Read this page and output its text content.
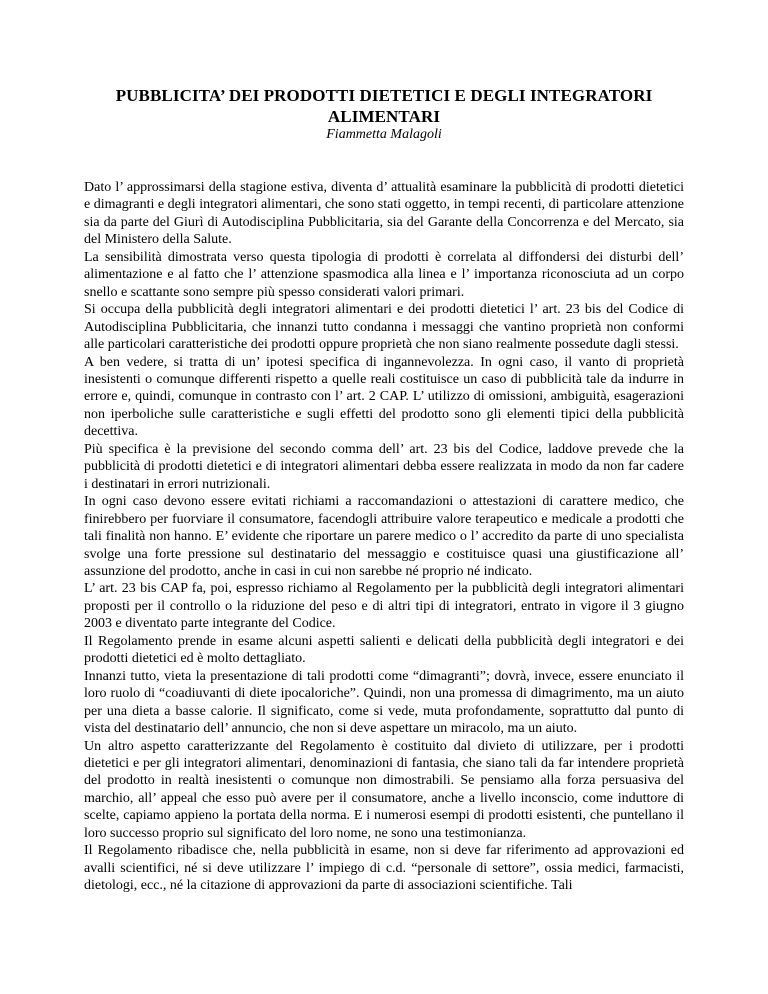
PUBBLICITA’ DEI PRODOTTI DIETETICI E DEGLI INTEGRATORI ALIMENTARI
Fiammetta Malagoli

Dato l’ approssimarsi della stagione estiva, diventa d’ attualità esaminare la pubblicità di prodotti dietetici e dimagranti e degli integratori alimentari, che sono stati oggetto, in tempi recenti, di particolare attenzione sia da parte del Giurì di Autodisciplina Pubblicitaria, sia del Garante della Concorrenza e del Mercato, sia del Ministero della Salute.

La sensibilità dimostrata verso questa tipologia di prodotti è correlata al diffondersi dei disturbi dell’ alimentazione e al fatto che l’ attenzione spasmodica alla linea e l’ importanza riconosciuta ad un corpo snello e scattante sono sempre più spesso considerati valori primari.

Si occupa della pubblicità degli integratori alimentari e dei prodotti dietetici l’ art. 23 bis del Codice di Autodisciplina Pubblicitaria, che innanzi tutto condanna i messaggi che vantino proprietà non conformi alle particolari caratteristiche dei prodotti oppure proprietà che non siano realmente possedute dagli stessi.

A ben vedere, si tratta di un’ ipotesi specifica di ingannevolezza. In ogni caso, il vanto di proprietà inesistenti o comunque differenti rispetto a quelle reali costituisce un caso di pubblicità tale da indurre in errore e, quindi, comunque in contrasto con l’ art. 2 CAP. L’ utilizzo di omissioni, ambiguità, esagerazioni non iperboliche sulle caratteristiche e sugli effetti del prodotto sono gli elementi tipici della pubblicità decettiva.

Più specifica è la previsione del secondo comma dell’ art. 23 bis del Codice, laddove prevede che la pubblicità di prodotti dietetici e di integratori alimentari debba essere realizzata in modo da non far cadere i destinatari in errori nutrizionali.

In ogni caso devono essere evitati richiami a raccomandazioni o attestazioni di carattere medico, che finirebbero per fuorviare il consumatore, facendogli attribuire valore terapeutico e medicale a prodotti che tali finalità non hanno. E’ evidente che riportare un parere medico o l’ accredito da parte di uno specialista svolge una forte pressione sul destinatario del messaggio e costituisce quasi una giustificazione all’ assunzione del prodotto, anche in casi in cui non sarebbe né proprio né indicato.

L’ art. 23 bis CAP fa, poi, espresso richiamo al Regolamento per la pubblicità degli integratori alimentari proposti per il controllo o la riduzione del peso e di altri tipi di integratori, entrato in vigore il 3 giugno 2003 e diventato parte integrante del Codice.

Il Regolamento prende in esame alcuni aspetti salienti e delicati della pubblicità degli integratori e dei prodotti dietetici ed è molto dettagliato.

Innanzi tutto, vieta la presentazione di tali prodotti come “dimagranti”; dovrà, invece, essere enunciato il loro ruolo di “coadiuvanti di diete ipocaloriche”. Quindi, non una promessa di dimagrimento, ma un aiuto per una dieta a basse calorie. Il significato, come si vede, muta profondamente, soprattutto dal punto di vista del destinatario dell’ annuncio, che non si deve aspettare un miracolo, ma un aiuto.

Un altro aspetto caratterizzante del Regolamento è costituito dal divieto di utilizzare, per i prodotti dietetici e per gli integratori alimentari, denominazioni di fantasia, che siano tali da far intendere proprietà del prodotto in realtà inesistenti o comunque non dimostrabili. Se pensiamo alla forza persuasiva del marchio, all’ appeal che esso può avere per il consumatore, anche a livello inconscio, come induttore di scelte, capiamo appieno la portata della norma. E i numerosi esempi di prodotti esistenti, che puntellano il loro successo proprio sul significato del loro nome, ne sono una testimonianza.

Il Regolamento ribadisce che, nella pubblicità in esame, non si deve far riferimento ad approvazioni ed avalli scientifici, né si deve utilizzare l’ impiego di c.d. “personale di settore”, ossia medici, farmacisti, dietologi, ecc., né la citazione di approvazioni da parte di associazioni scientifiche. Tali
